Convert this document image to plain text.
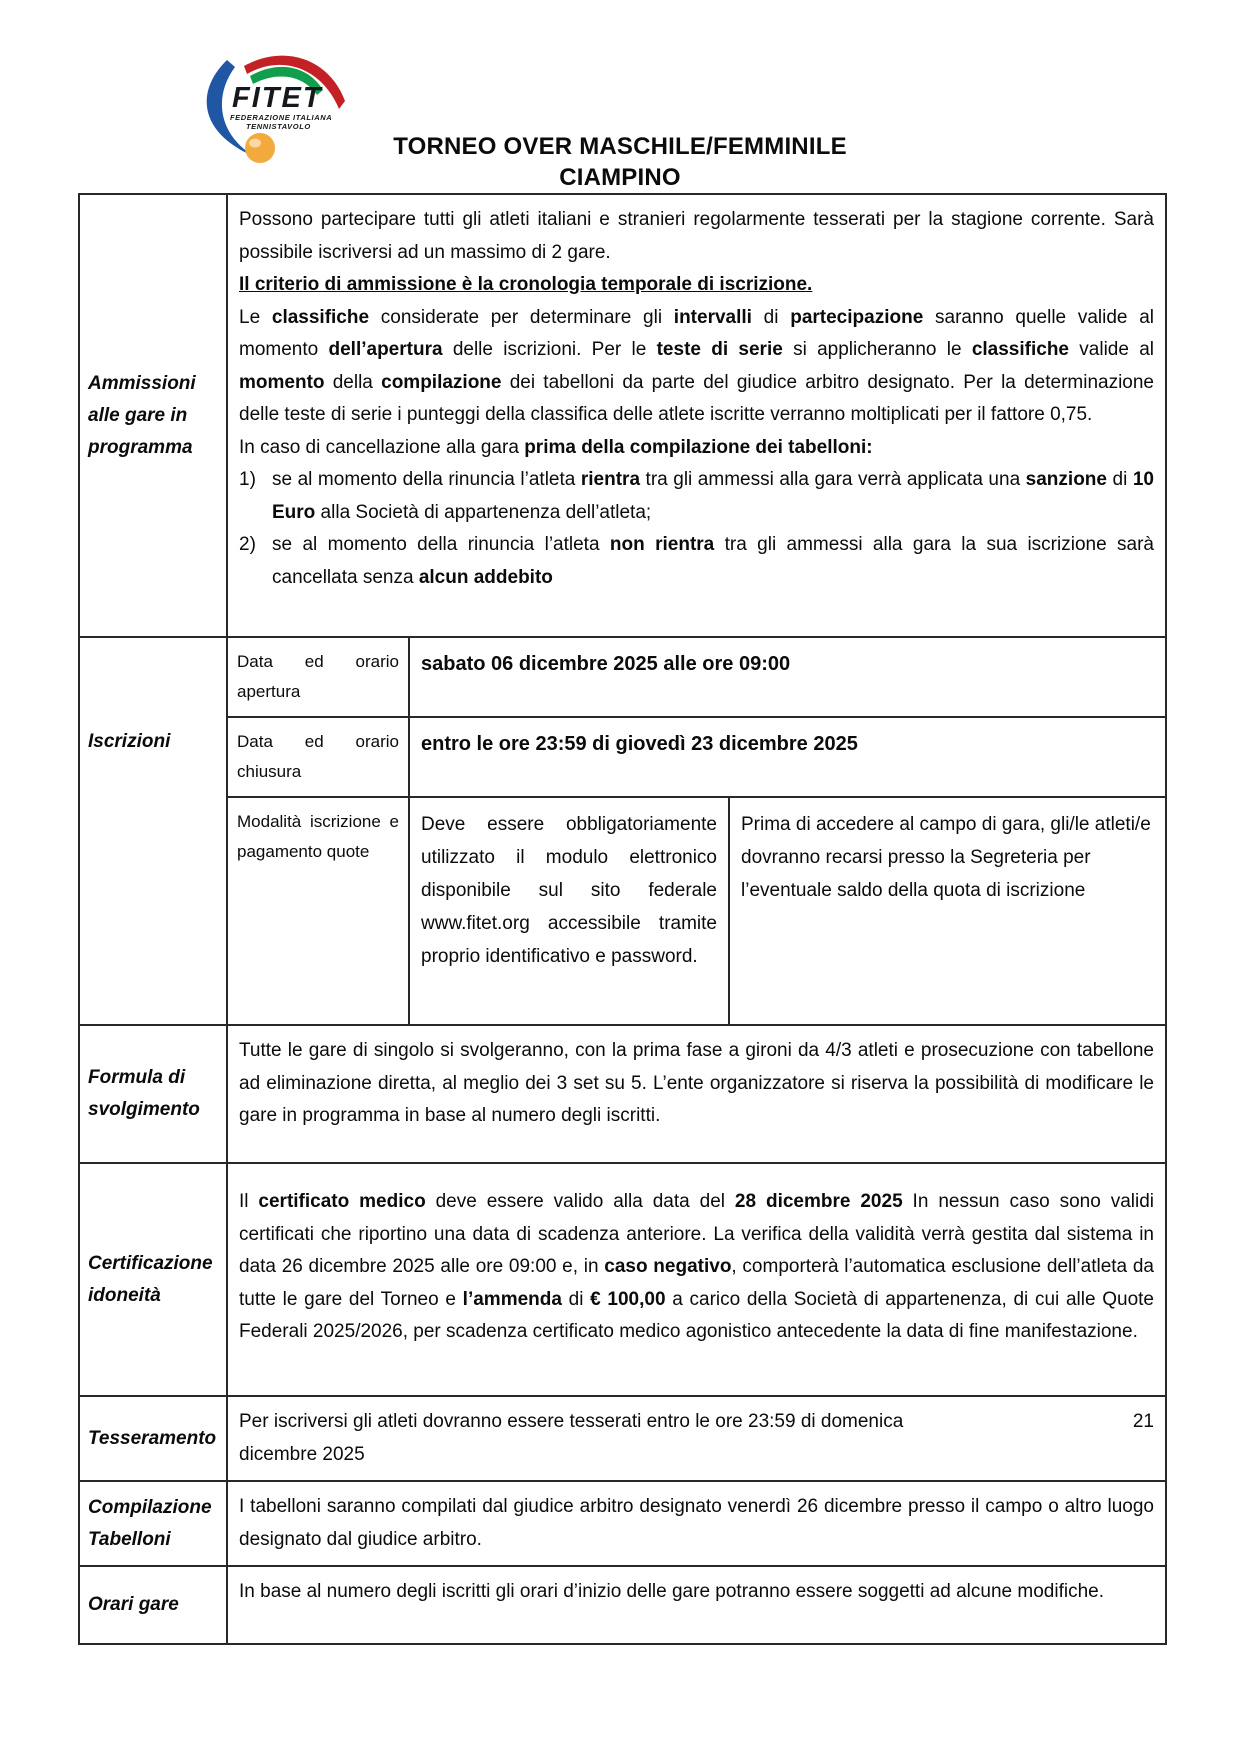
FITET
FEDERAZIONE ITALIANA
TENNISTAVOLO
TORNEO OVER MASCHILE/FEMMINILE
CIAMPINO
Ammissioni alle gare in programma
Possono partecipare tutti gli atleti italiani e stranieri regolarmente tesserati per la stagione corrente. Sarà possibile iscriversi ad un massimo di 2 gare.
Il criterio di ammissione è la cronologia temporale di iscrizione.
Le classifiche considerate per determinare gli intervalli di partecipazione saranno quelle valide al momento dell’apertura delle iscrizioni. Per le teste di serie si applicheranno le classifiche valide al momento della compilazione dei tabelloni da parte del giudice arbitro designato. Per la determinazione delle teste di serie i punteggi della classifica delle atlete iscritte verranno moltiplicati per il fattore 0,75.
In caso di cancellazione alla gara prima della compilazione dei tabelloni:
1) se al momento della rinuncia l’atleta rientra tra gli ammessi alla gara verrà applicata una sanzione di 10 Euro alla Società di appartenenza dell’atleta;
2) se al momento della rinuncia l’atleta non rientra tra gli ammessi alla gara la sua iscrizione sarà cancellata senza alcun addebito
Iscrizioni
Data ed orario apertura
sabato 06 dicembre 2025 alle ore 09:00
Data ed orario chiusura
entro le ore 23:59 di giovedì 23 dicembre 2025
Modalità iscrizione e pagamento quote
Deve essere obbligatoriamente utilizzato il modulo elettronico disponibile sul sito federale www.fitet.org accessibile tramite proprio identificativo e password.
Prima di accedere al campo di gara, gli/le atleti/e dovranno recarsi presso la Segreteria per l’eventuale saldo della quota di iscrizione
Formula di svolgimento
Tutte le gare di singolo si svolgeranno, con la prima fase a gironi da 4/3 atleti e prosecuzione con tabellone ad eliminazione diretta, al meglio dei 3 set su 5. L’ente organizzatore si riserva la possibilità di modificare le gare in programma in base al numero degli iscritti.
Certificazione idoneità
Il certificato medico deve essere valido alla data del 28 dicembre 2025 In nessun caso sono validi certificati che riportino una data di scadenza anteriore. La verifica della validità verrà gestita dal sistema in data 26 dicembre 2025 alle ore 09:00 e, in caso negativo, comporterà l’automatica esclusione dell’atleta da tutte le gare del Torneo e l’ammenda di € 100,00 a carico della Società di appartenenza, di cui alle Quote Federali 2025/2026, per scadenza certificato medico agonistico antecedente la data di fine manifestazione.
Tesseramento
Per iscriversi gli atleti dovranno essere tesserati entro le ore 23:59 di domenica	21
dicembre 2025
Compilazione Tabelloni
I tabelloni saranno compilati dal giudice arbitro designato venerdì 26 dicembre presso il campo o altro luogo designato dal giudice arbitro.
Orari gare
In base al numero degli iscritti gli orari d’inizio delle gare potranno essere soggetti ad alcune modifiche.
